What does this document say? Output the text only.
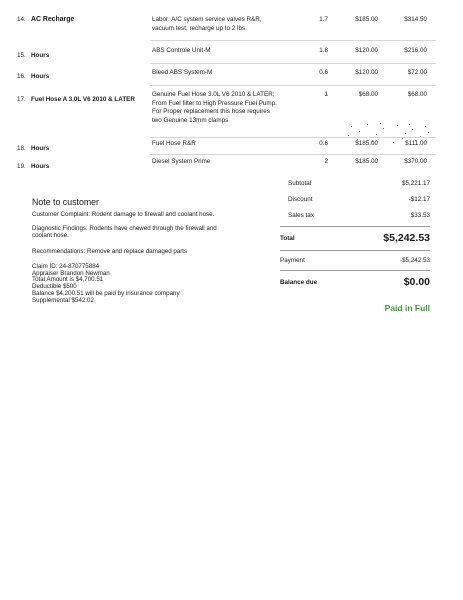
14. AC Recharge	Labor: A/C system service valves R&R,
vacuum test, recharge up to 2 lbs.
1.7	$185.00	$314.50
15. Hours
ABS Controle Unit-M	1.8	$120.00	$216.00
16. Hours
Bleed ABS System-M	0.6	$120.00	$72.00
17. Fuel Hose A 3.0L V6 2010 & LATER
Genuine Fuel Hose 3.0L V6 2010 & LATER;
From Fuel filter to High Pressure Fuel Pump.
For Proper replacement this hose requires
two Genuine 13mm clamps
1	$68.00	$68.00
18. Hours
Fuel Hose R&R	0.6	$185.00	$111.00
19. Hours
Diesel System Prime	2	$185.00	$370.00
Subtotal	$5,221.17
Discount	-$12.17
Sales tax	$33.53
Total	$5,242.53
Payment	-$5,242.53
Balance due	$0.00
Paid in Full
Note to customer
Customer Complaint: Rodent damage to firewall and coolant hose.
Diagnostic Findings: Rodents have chewed through the firewall and
coolant hose.
Recommendations: Remove and replace damaged parts
Claim ID: 24-870775884
Appraiser Brandon Newman
Total Amount is $4,700.51
Deductible $500
Balance $4,200.51 will be paid by insurance company
Supplemental $542.02
